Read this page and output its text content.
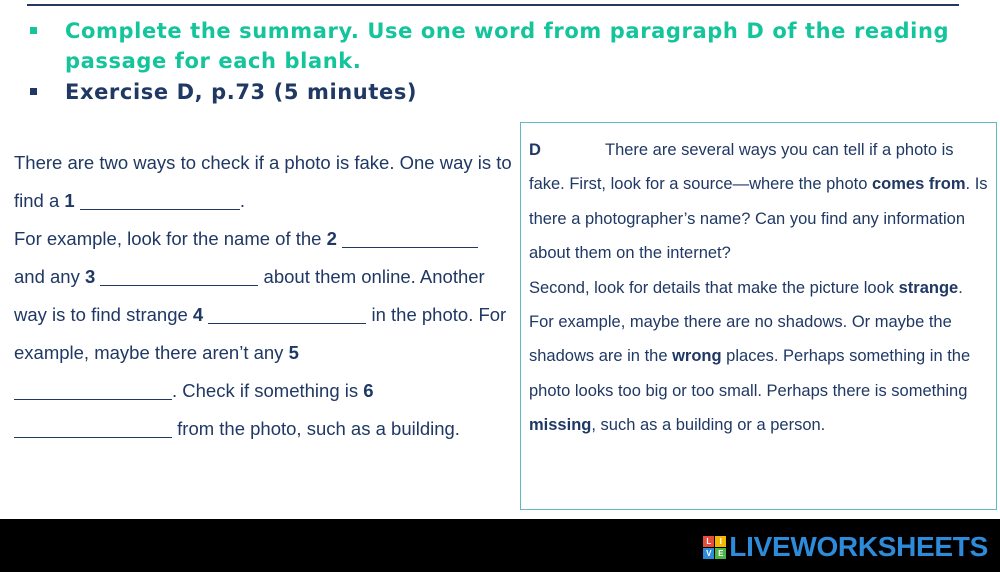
Complete the summary. Use one word from paragraph D of the reading passage for each blank.
Exercise D, p.73 (5 minutes)
There are two ways to check if a photo is fake. One way is to find a 1	.
For example, look for the name of the 2  and any 3	about them online. Another way is to find strange 4	in the photo. For example, maybe there aren’t any 5
. Check if something is 6
from the photo, such as a building.
D	There are several ways you can tell if a photo is fake. First, look for a source—where the photo comes from. Is there a photographer’s name? Can you find any information about them on the internet?
Second, look for details that make the picture look strange. For example, maybe there are no shadows. Or maybe the shadows are in the wrong places. Perhaps something in the photo looks too big or too small. Perhaps there is something missing, such as a building or a person.
L	I
V E LIVEWORKSHEETS
